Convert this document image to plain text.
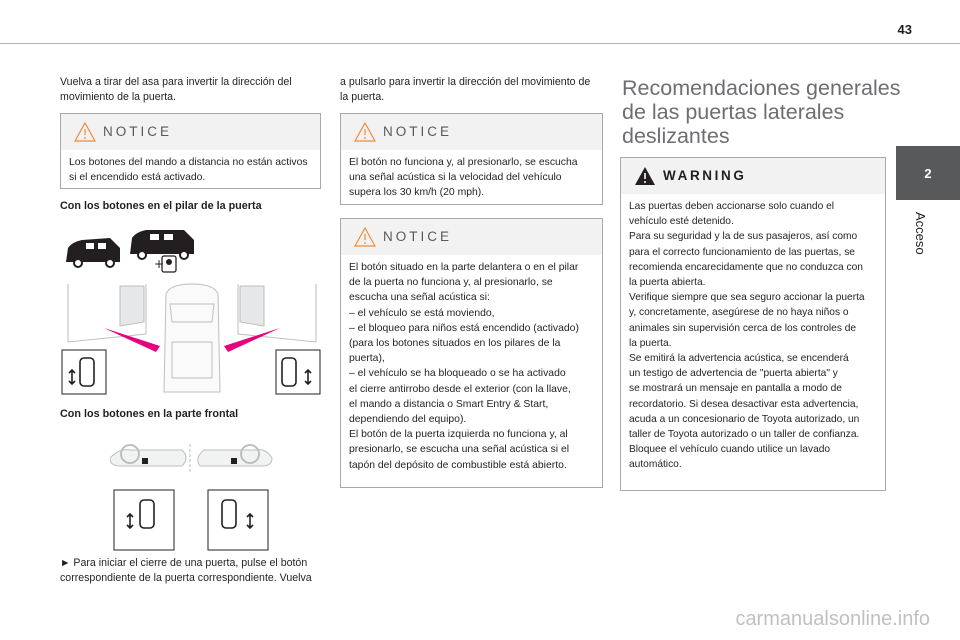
43
2
Acceso
Vuelva a tirar del asa para invertir la dirección del
movimiento de la puerta.
NOTICE
Los botones del mando a distancia no están activos
si el encendido está activado.
Con los botones en el pilar de la puerta
+
Con los botones en la parte frontal
► Para iniciar el cierre de una puerta, pulse el botón
correspondiente de la puerta correspondiente. Vuelva
a pulsarlo para invertir la dirección del movimiento de
la puerta.
NOTICE
El botón no funciona y, al presionarlo, se escucha
una señal acústica si la velocidad del vehículo
supera los 30 km/h (20 mph).
NOTICE
El botón situado en la parte delantera o en el pilar
de la puerta no funciona y, al presionarlo, se
escucha una señal acústica si:
– el vehículo se está moviendo,
– el bloqueo para niños está encendido (activado)
(para los botones situados en los pilares de la
puerta),
– el vehículo se ha bloqueado o se ha activado
el cierre antirrobo desde el exterior (con la llave,
el mando a distancia o Smart Entry & Start,
dependiendo del equipo).
El botón de la puerta izquierda no funciona y, al
presionarlo, se escucha una señal acústica si el
tapón del depósito de combustible está abierto.
Recomendaciones generales
de las puertas laterales
deslizantes
WARNING
Las puertas deben accionarse solo cuando el
vehículo esté detenido.
Para su seguridad y la de sus pasajeros, así como
para el correcto funcionamiento de las puertas, se
recomienda encarecidamente que no conduzca con
la puerta abierta.
Verifique siempre que sea seguro accionar la puerta
y, concretamente, asegúrese de no haya niños o
animales sin supervisión cerca de los controles de
la puerta.
Se emitirá la advertencia acústica, se encenderá
un testigo de advertencia de "puerta abierta" y
se mostrará un mensaje en pantalla a modo de
recordatorio. Si desea desactivar esta advertencia,
acuda a un concesionario de Toyota autorizado, un
taller de Toyota autorizado o un taller de confianza.
Bloquee el vehículo cuando utilice un lavado
automático.
carmanualsonline.info
